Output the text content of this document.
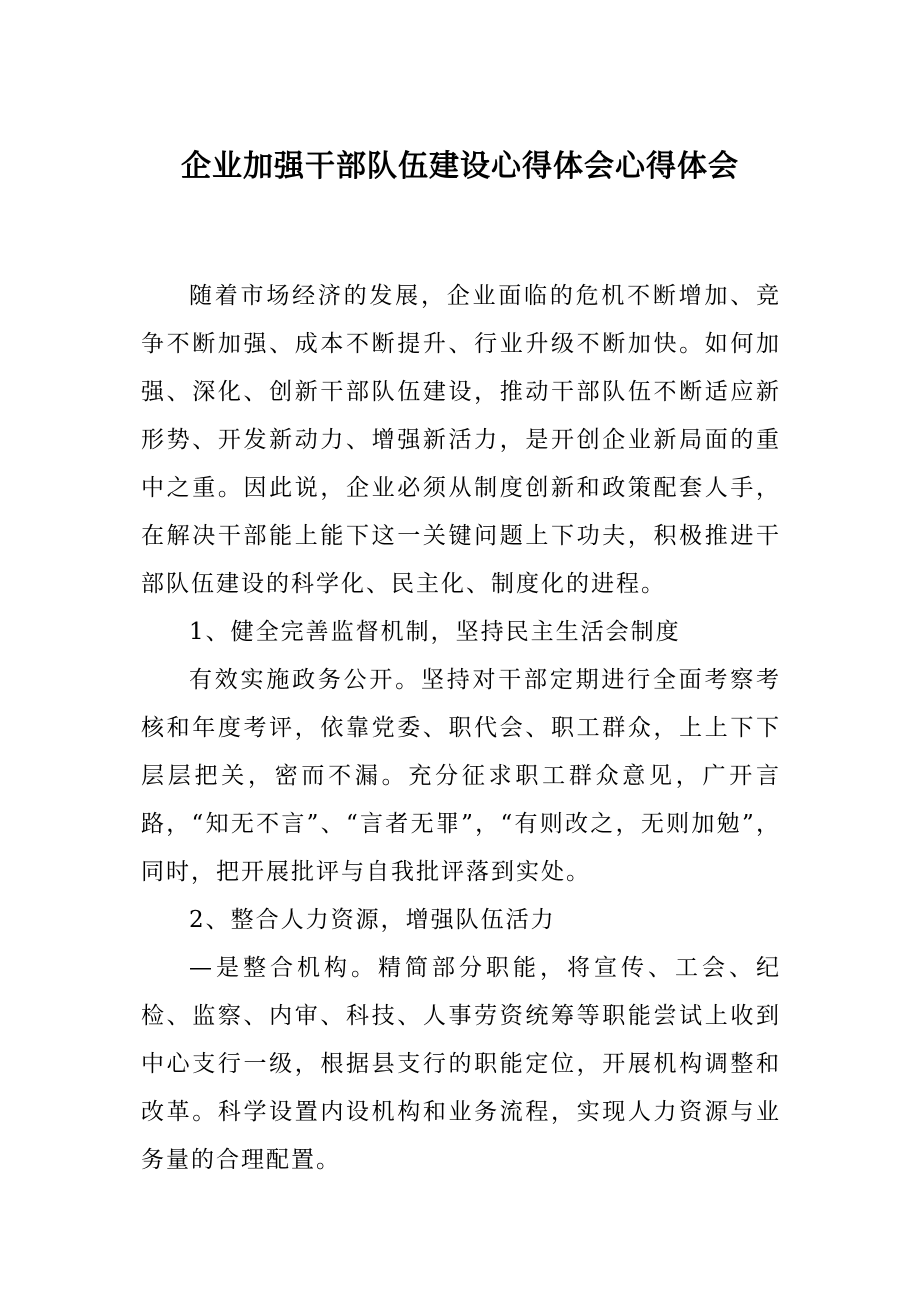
企业加强干部队伍建设心得体会心得体会

随着市场经济的发展，企业面临的危机不断增加、竞争不断加强、成本不断提升、行业升级不断加快。如何加强、深化、创新干部队伍建设，推动干部队伍不断适应新形势、开发新动力、增强新活力，是开创企业新局面的重中之重。因此说，企业必须从制度创新和政策配套人手，在解决干部能上能下这一关键问题上下功夫，积极推进干部队伍建设的科学化、民主化、制度化的进程。

1、健全完善监督机制，坚持民主生活会制度

有效实施政务公开。坚持对干部定期进行全面考察考核和年度考评，依靠党委、职代会、职工群众，上上下下层层把关，密而不漏。充分征求职工群众意见，广开言路，“知无不言”、“言者无罪”，“有则改之，无则加勉”，同时，把开展批评与自我批评落到实处。

2、整合人力资源，增强队伍活力

—是整合机构。精简部分职能，将宣传、工会、纪检、监察、内审、科技、人事劳资统筹等职能尝试上收到中心支行一级，根据县支行的职能定位，开展机构调整和改革。科学设置内设机构和业务流程，实现人力资源与业务量的合理配置。
